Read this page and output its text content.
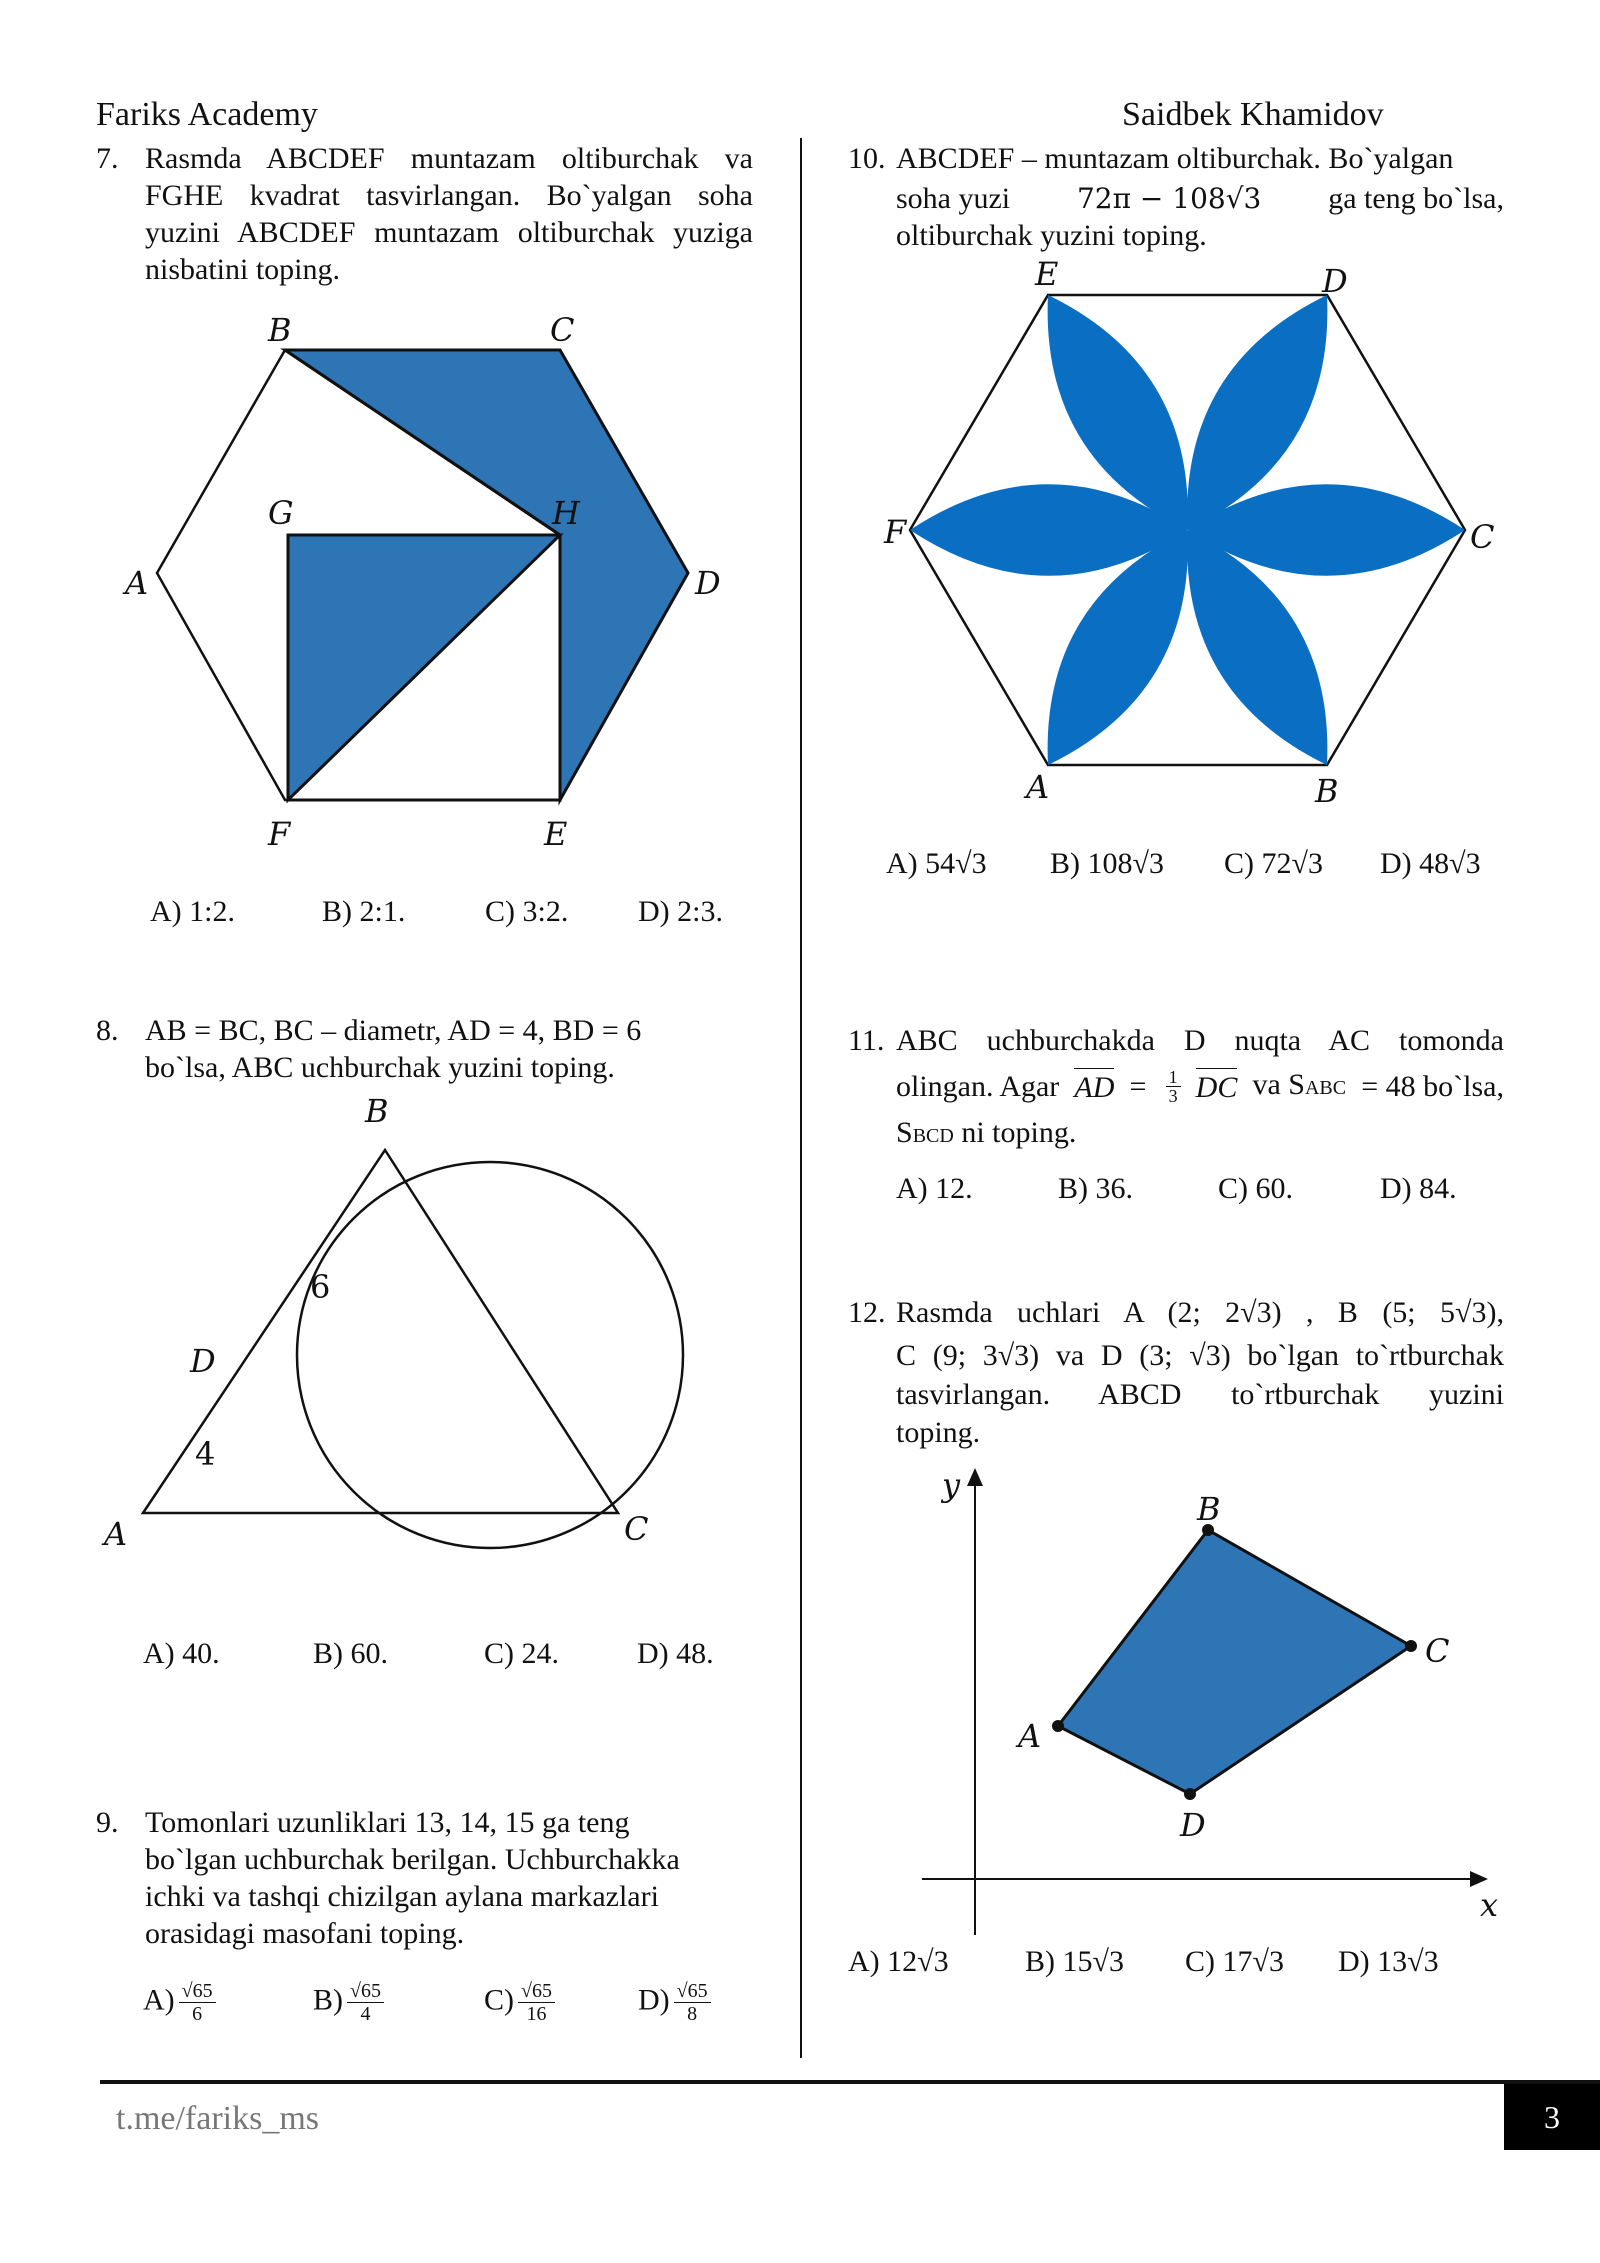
Fariks Academy	Saidbek Khamidov
7. Rasmda ABCDEF muntazam oltiburchak va FGHE kvadrat tasvirlangan. Bo`yalgan soha yuzini ABCDEF muntazam oltiburchak yuziga nisbatini toping.
B	C
A	D
G	H
F	E
A) 1:2.	B) 2:1.	C) 3:2. D) 2:3.
8. AB = BC, BC – diametr, AD = 4, BD = 6 bo`lsa, ABC uchburchak yuzini toping.
B
D
A	C
6
4
A) 40.	B) 60.	C) 24.	D) 48.
9. Tomonlari uzunliklari 13, 14, 15 ga teng bo`lgan uchburchak berilgan. Uchburchakka ichki va tashqi chizilgan aylana markazlari orasidagi masofani toping.
$A) \frac{√65}{6}$	$B) \frac{√65}{4}$	$C) \frac{√65}{16}$	$D) \frac{√65}{8}$
10. ABCDEF – muntazam oltiburchak. Bo`yalgan
soha yuzi 72π − 108√3 ga teng bo`lsa,
oltiburchak yuzini toping.
A	B
C
D
E
F
A) 54√3 B) 108√3 C) 72√3 D) 48√3
11. ABC uchburchakda D nuqta AC tomonda
olingan. Agar AD = $\frac{1}{3}$ DC va SABC = 48 bo`lsa,
SBCD ni toping.
A) 12.	B) 36.	C) 60.	D) 84.
12. Rasmda uchlari A (2; 2√3) , B (5; 5√3),
C (9; 3√3) va D (3; √3) bo`lgan to`rtburchak
tasvirlangan. ABCD to`rtburchak yuzini
toping.
y
x
B
C
A
D
A) 12√3	B) 15√3 C) 17√3 D) 13√3
t.me/fariks_ms	3
